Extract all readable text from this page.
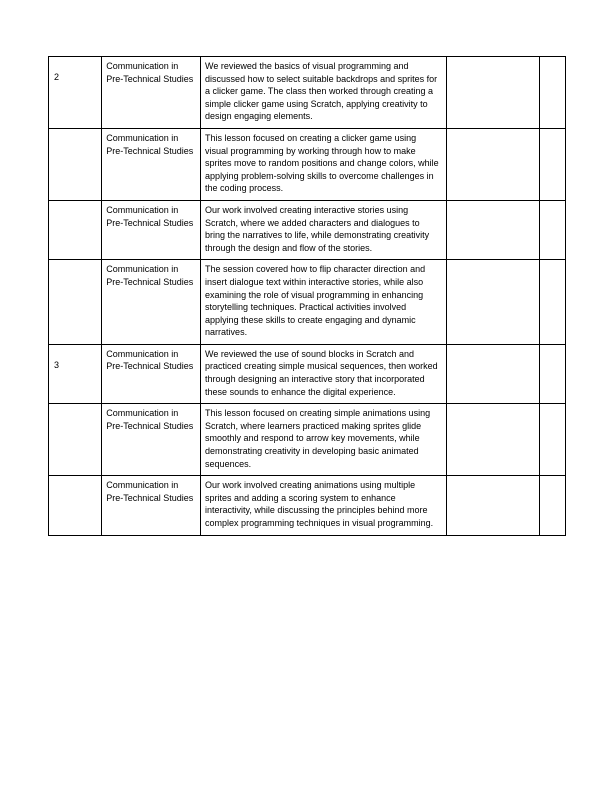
2	Communication in Pre-Technical Studies	We reviewed the basics of visual programming and discussed how to select suitable backdrops and sprites for a clicker game. The class then worked through creating a simple clicker game using Scratch, applying creativity to design engaging elements.		
	Communication in Pre-Technical Studies	This lesson focused on creating a clicker game using visual programming by working through how to make sprites move to random positions and change colors, while applying problem-solving skills to overcome challenges in the coding process.		
	Communication in Pre-Technical Studies	Our work involved creating interactive stories using Scratch, where we added characters and dialogues to bring the narratives to life, while demonstrating creativity through the design and flow of the stories.		
	Communication in Pre-Technical Studies	The session covered how to flip character direction and insert dialogue text within interactive stories, while also examining the role of visual programming in enhancing storytelling techniques. Practical activities involved applying these skills to create engaging and dynamic narratives.		
3	Communication in Pre-Technical Studies	We reviewed the use of sound blocks in Scratch and practiced creating simple musical sequences, then worked through designing an interactive story that incorporated these sounds to enhance the digital experience.		
	Communication in Pre-Technical Studies	This lesson focused on creating simple animations using Scratch, where learners practiced making sprites glide smoothly and respond to arrow key movements, while demonstrating creativity in developing basic animated sequences.		
	Communication in Pre-Technical Studies	Our work involved creating animations using multiple sprites and adding a scoring system to enhance interactivity, while discussing the principles behind more complex programming techniques in visual programming.		
